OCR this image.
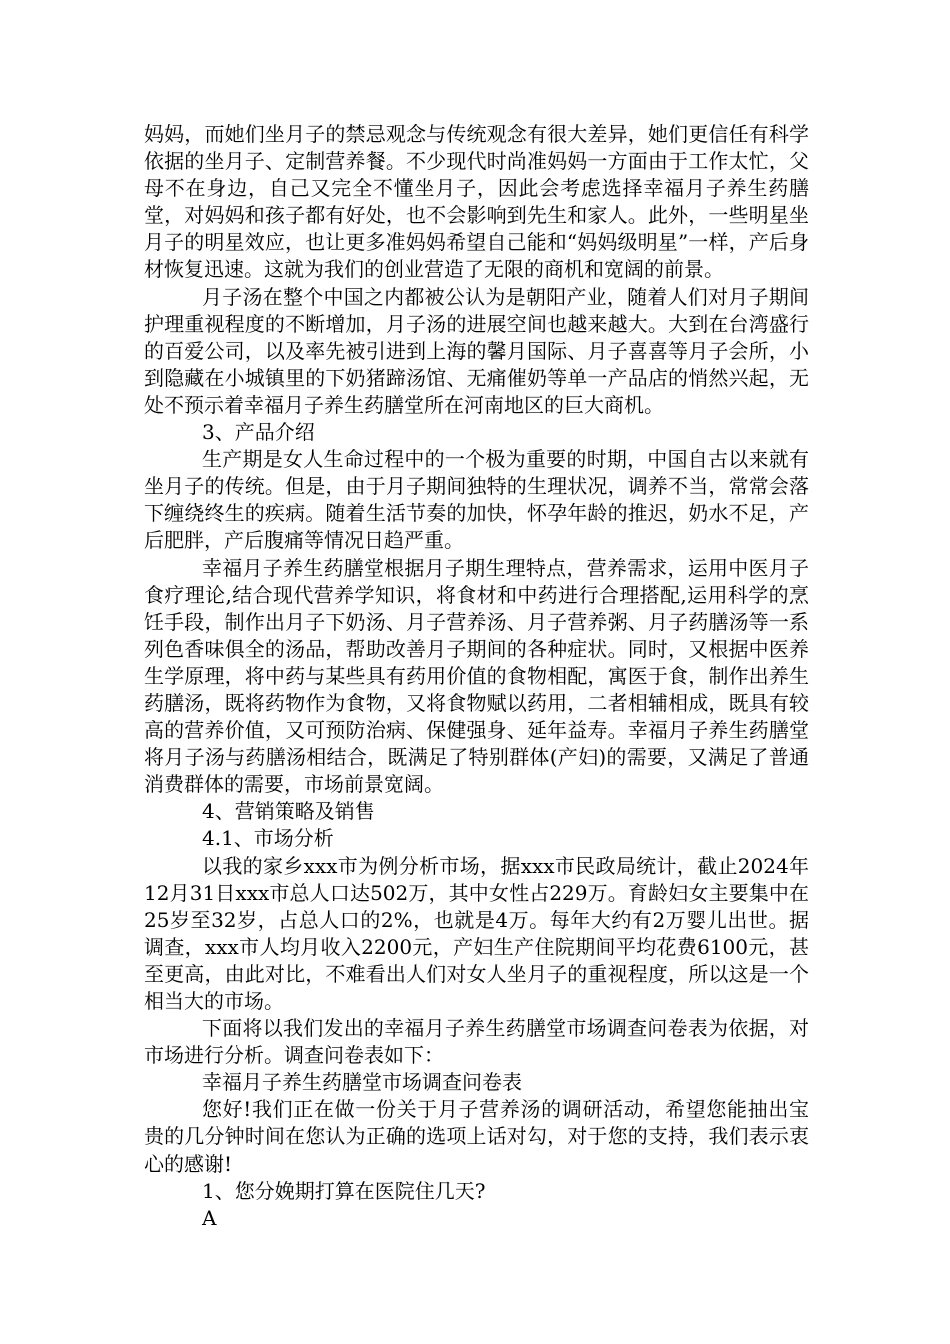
妈妈，而她们坐月子的禁忌观念与传统观念有很大差异，她们更信任有科学依据的坐月子、定制营养餐。不少现代时尚准妈妈一方面由于工作太忙，父母不在身边，自己又完全不懂坐月子，因此会考虑选择幸福月子养生药膳堂，对妈妈和孩子都有好处，也不会影响到先生和家人。此外，一些明星坐月子的明星效应，也让更多准妈妈希望自己能和“妈妈级明星”一样，产后身材恢复迅速。这就为我们的创业营造了无限的商机和宽阔的前景。

月子汤在整个中国之内都被公认为是朝阳产业，随着人们对月子期间护理重视程度的不断增加，月子汤的进展空间也越来越大。大到在台湾盛行的百爱公司，以及率先被引进到上海的馨月国际、月子喜喜等月子会所，小到隐藏在小城镇里的下奶猪蹄汤馆、无痛催奶等单一产品店的悄然兴起，无处不预示着幸福月子养生药膳堂所在河南地区的巨大商机。

3、产品介绍

生产期是女人生命过程中的一个极为重要的时期，中国自古以来就有坐月子的传统。但是，由于月子期间独特的生理状况，调养不当，常常会落下缠绕终生的疾病。随着生活节奏的加快，怀孕年龄的推迟，奶水不足，产后肥胖，产后腹痛等情况日趋严重。

幸福月子养生药膳堂根据月子期生理特点，营养需求，运用中医月子食疗理论,结合现代营养学知识，将食材和中药进行合理搭配,运用科学的烹饪手段，制作出月子下奶汤、月子营养汤、月子营养粥、月子药膳汤等一系列色香味俱全的汤品，帮助改善月子期间的各种症状。同时，又根据中医养生学原理，将中药与某些具有药用价值的食物相配，寓医于食，制作出养生药膳汤，既将药物作为食物，又将食物赋以药用，二者相辅相成，既具有较高的营养价值，又可预防治病、保健强身、延年益寿。幸福月子养生药膳堂将月子汤与药膳汤相结合，既满足了特别群体(产妇)的需要，又满足了普通消费群体的需要，市场前景宽阔。

4、营销策略及销售

4.1、市场分析

以我的家乡xxx市为例分析市场，据xxx市民政局统计，截止2024年12月31日xxx市总人口达502万，其中女性占229万。育龄妇女主要集中在25岁至32岁，占总人口的2%，也就是4万。每年大约有2万婴儿出世。据调查，xxx市人均月收入2200元，产妇生产住院期间平均花费6100元，甚至更高，由此对比，不难看出人们对女人坐月子的重视程度，所以这是一个相当大的市场。

下面将以我们发出的幸福月子养生药膳堂市场调查问卷表为依据，对市场进行分析。调查问卷表如下：

幸福月子养生药膳堂市场调查问卷表

您好!我们正在做一份关于月子营养汤的调研活动，希望您能抽出宝贵的几分钟时间在您认为正确的选项上话对勾，对于您的支持，我们表示衷心的感谢!

1、您分娩期打算在医院住几天?

A
